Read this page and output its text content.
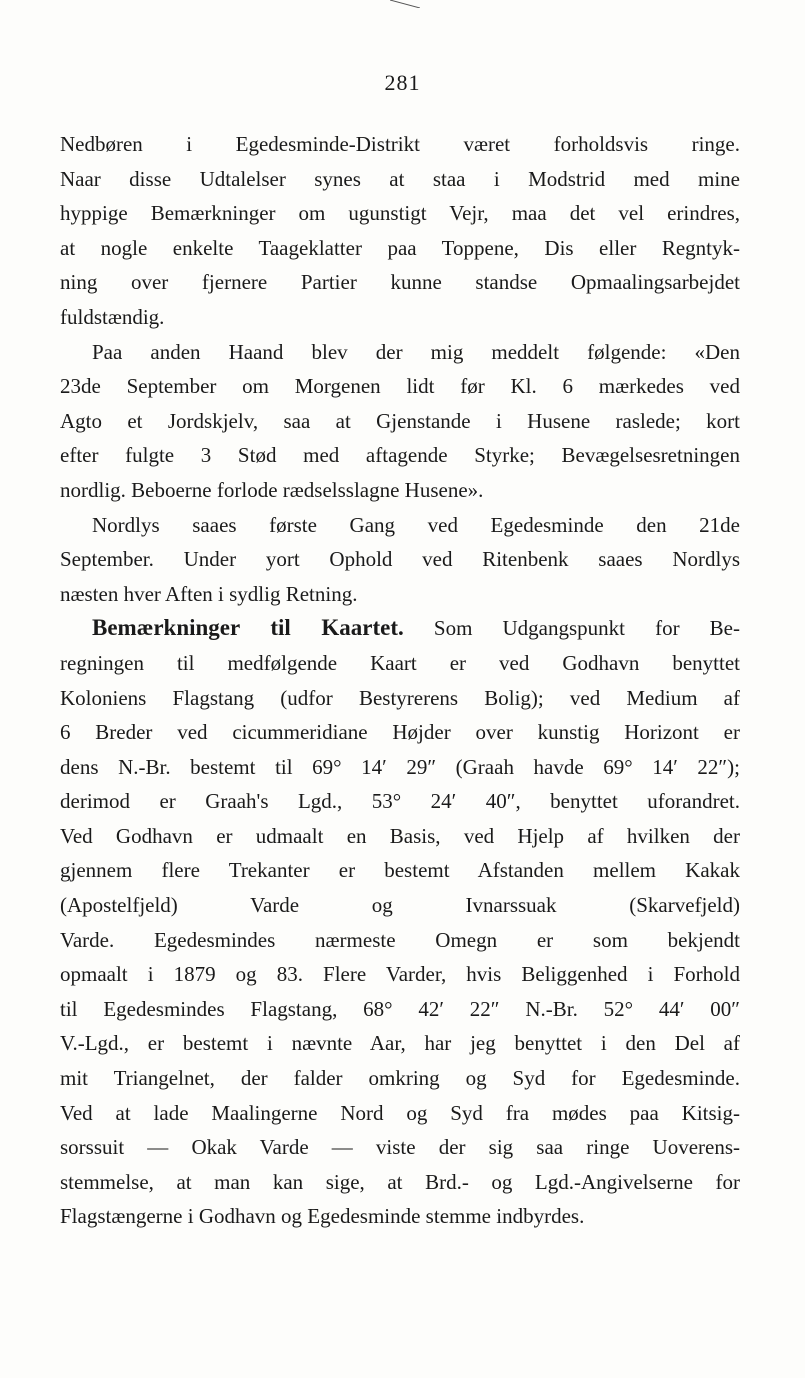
281
Nedbøren i Egedesminde-Distrikt været forholdsvis ringe.
Naar disse Udtalelser synes at staa i Modstrid med mine
hyppige Bemærkninger om ugunstigt Vejr, maa det vel erindres,
at nogle enkelte Taageklatter paa Toppene, Dis eller Regntyk-
ning over fjernere Partier kunne standse Opmaalingsarbejdet
fuldstændig.
Paa anden Haand blev der mig meddelt følgende: «Den
23de September om Morgenen lidt før Kl. 6 mærkedes ved
Agto et Jordskjelv, saa at Gjenstande i Husene raslede; kort
efter fulgte 3 Stød med aftagende Styrke; Bevægelsesretningen
nordlig. Beboerne forlode rædselsslagne Husene».
Nordlys saaes første Gang ved Egedesminde den 21de
September. Under yort Ophold ved Ritenbenk saaes Nordlys
næsten hver Aften i sydlig Retning.
Bemærkninger til Kaartet. Som Udgangspunkt for Be-
regningen til medfølgende Kaart er ved Godhavn benyttet
Koloniens Flagstang (udfor Bestyrerens Bolig); ved Medium af
6 Breder ved cicummeridiane Højder over kunstig Horizont er
dens N.-Br. bestemt til 69° 14′ 29″ (Graah havde 69° 14′ 22″);
derimod er Graah's Lgd., 53° 24′ 40″, benyttet uforandret.
Ved Godhavn er udmaalt en Basis, ved Hjelp af hvilken der
gjennem flere Trekanter er bestemt Afstanden mellem Kakak
(Apostelfjeld) Varde og Ivnarssuak (Skarvefjeld)
Varde. Egedesmindes nærmeste Omegn er som bekjendt
opmaalt i 1879 og 83. Flere Varder, hvis Beliggenhed i Forhold
til Egedesmindes Flagstang, 68° 42′ 22″ N.-Br. 52° 44′ 00″
V.-Lgd., er bestemt i nævnte Aar, har jeg benyttet i den Del af
mit Triangelnet, der falder omkring og Syd for Egedesminde.
Ved at lade Maalingerne Nord og Syd fra mødes paa Kitsig-
sorssuit — Okak Varde — viste der sig saa ringe Uoverens-
stemmelse, at man kan sige, at Brd.- og Lgd.-Angivelserne for
Flagstængerne i Godhavn og Egedesminde stemme indbyrdes.
